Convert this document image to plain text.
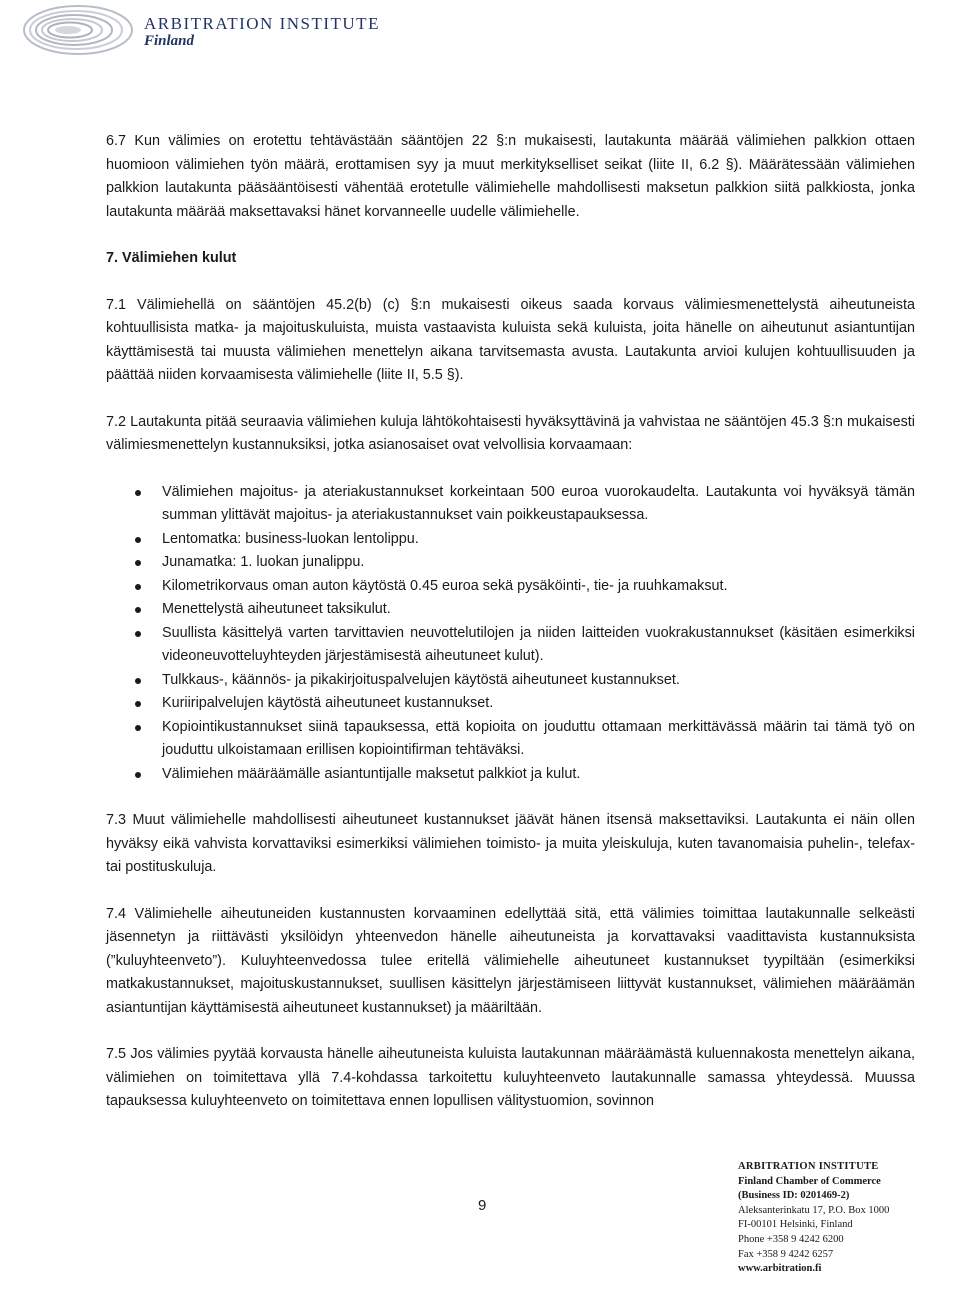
ARBITRATION INSTITUTE
Finland

6.7 Kun välimies on erotettu tehtävästään sääntöjen 22 §:n mukaisesti, lautakunta määrää välimiehen palkkion ottaen huomioon välimiehen työn määrä, erottamisen syy ja muut merkitykselliset seikat (liite II, 6.2 §). Määrätessään välimiehen palkkion lautakunta pääsääntöisesti vähentää erotetulle välimiehelle mahdollisesti maksetun palkkion siitä palkkiosta, jonka lautakunta määrää maksettavaksi hänet korvanneelle uudelle välimiehelle.

7. Välimiehen kulut

7.1 Välimiehellä on sääntöjen 45.2(b) (c) §:n mukaisesti oikeus saada korvaus välimiesmenettelystä aiheutuneista kohtuullisista matka- ja majoituskuluista, muista vastaavista kuluista sekä kuluista, joita hänelle on aiheutunut asiantuntijan käyttämisestä tai muusta välimiehen menettelyn aikana tarvitsemasta avusta. Lautakunta arvioi kulujen kohtuullisuuden ja päättää niiden korvaamisesta välimiehelle (liite II, 5.5 §).

7.2 Lautakunta pitää seuraavia välimiehen kuluja lähtökohtaisesti hyväksyttävinä ja vahvistaa ne sääntöjen 45.3 §:n mukaisesti välimiesmenettelyn kustannuksiksi, jotka asianosaiset ovat velvollisia korvaamaan:

Välimiehen majoitus- ja ateriakustannukset korkeintaan 500 euroa vuorokaudelta. Lautakunta voi hyväksyä tämän summan ylittävät majoitus- ja ateriakustannukset vain poikkeustapauksessa.
Lentomatka: business-luokan lentolippu.
Junamatka: 1. luokan junalippu.
Kilometrikorvaus oman auton käytöstä 0.45 euroa sekä pysäköinti-, tie- ja ruuhkamaksut.
Menettelystä aiheutuneet taksikulut.
Suullista käsittelyä varten tarvittavien neuvottelutilojen ja niiden laitteiden vuokrakustannukset (käsitäen esimerkiksi videoneuvotteluyhteyden järjestämisestä aiheutuneet kulut).
Tulkkaus-, käännös- ja pikakirjoituspalvelujen käytöstä aiheutuneet kustannukset.
Kuriiripalvelujen käytöstä aiheutuneet kustannukset.
Kopiointikustannukset siinä tapauksessa, että kopioita on jouduttu ottamaan merkittävässä määrin tai tämä työ on jouduttu ulkoistamaan erillisen kopiointifirman tehtäväksi.
Välimiehen määräämälle asiantuntijalle maksetut palkkiot ja kulut.

7.3 Muut välimiehelle mahdollisesti aiheutuneet kustannukset jäävät hänen itsensä maksettaviksi. Lautakunta ei näin ollen hyväksy eikä vahvista korvattaviksi esimerkiksi välimiehen toimisto- ja muita yleiskuluja, kuten tavanomaisia puhelin-, telefax- tai postituskuluja.

7.4 Välimiehelle aiheutuneiden kustannusten korvaaminen edellyttää sitä, että välimies toimittaa lautakunnalle selkeästi jäsennetyn ja riittävästi yksilöidyn yhteenvedon hänelle aiheutuneista ja korvattavaksi vaadittavista kustannuksista (”kuluyhteenveto”). Kuluyhteenvedossa tulee eritellä välimiehelle aiheutuneet kustannukset tyypiltään (esimerkiksi matkakustannukset, majoituskustannukset, suullisen käsittelyn järjestämiseen liittyvät kustannukset, välimiehen määräämän asiantuntijan käyttämisestä aiheutuneet kustannukset) ja määriltään.

7.5 Jos välimies pyytää korvausta hänelle aiheutuneista kuluista lautakunnan määräämästä kuluennakosta menettelyn aikana, välimiehen on toimitettava yllä 7.4-kohdassa tarkoitettu kuluyhteenveto lautakunnalle samassa yhteydessä. Muussa tapauksessa kuluyhteenveto on toimitettava ennen lopullisen välitystuomion, sovinnon

9
ARBITRATION INSTITUTE
Finland Chamber of Commerce
(Business ID: 0201469-2)
Aleksanterinkatu 17, P.O. Box 1000
FI-00101 Helsinki, Finland
Phone +358 9 4242 6200
Fax +358 9 4242 6257
www.arbitration.fi
